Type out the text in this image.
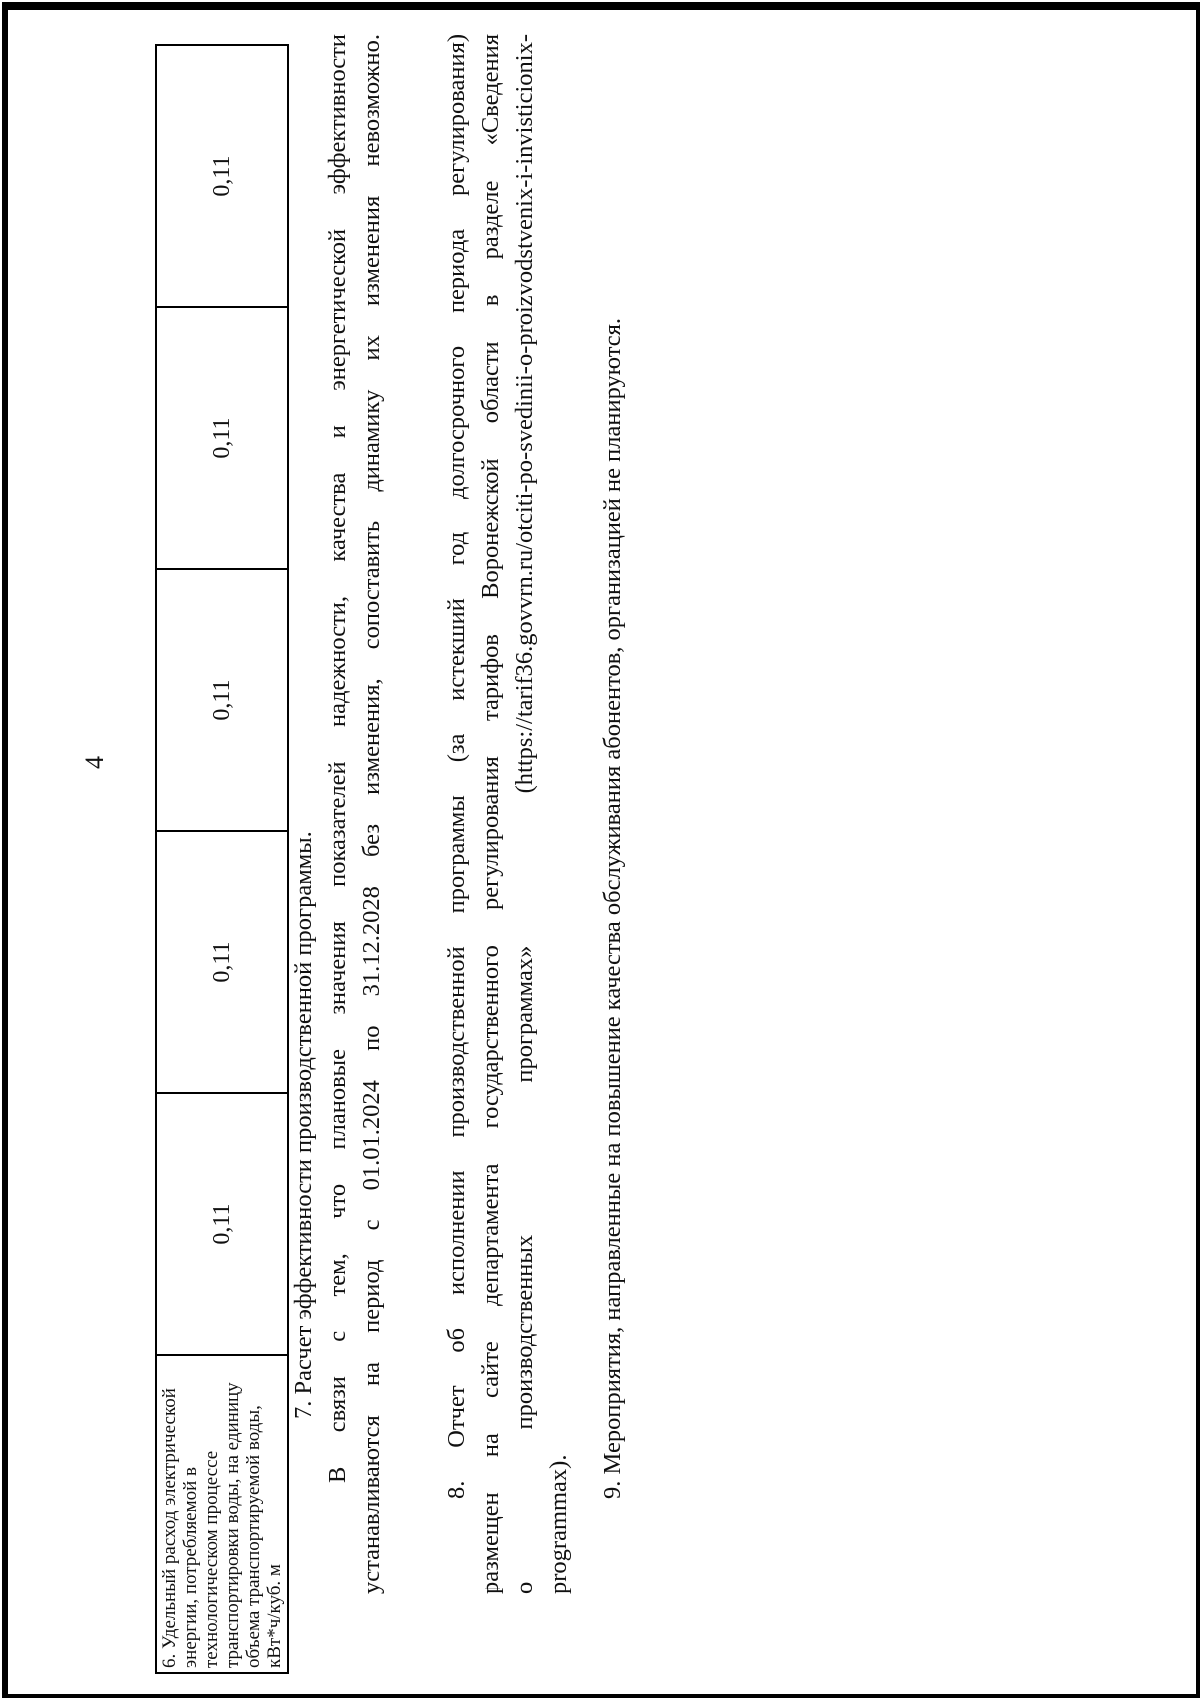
4
6. Удельный расход электрической энергии, потребляемой в технологическом процессе транспортировки воды, на единицу объема транспортируемой воды, кВт*ч/куб. м	0,11	0,11	0,11	0,11	0,11
7. Расчет эффективности производственной программы. В связи с тем, что плановые значения показателей надежности, качества и энергетической эффективности устанавливаются на период с 01.01.2024 по 31.12.2028 без изменения, сопоставить динамику их изменения невозможно. 8. Отчет об исполнении производственной программы (за истекший год долгосрочного периода регулирования) размещен на сайте департамента государственного регулирования тарифов Воронежской области в разделе «Сведения о производственных программах» (https://tarif36.govvrn.ru/otciti-po-svedinii-o-proizvodstvenix-i-invisticionix- programmax).
9. Мероприятия, направленные на повышение качества обслуживания абонентов, организацией не планируются.
